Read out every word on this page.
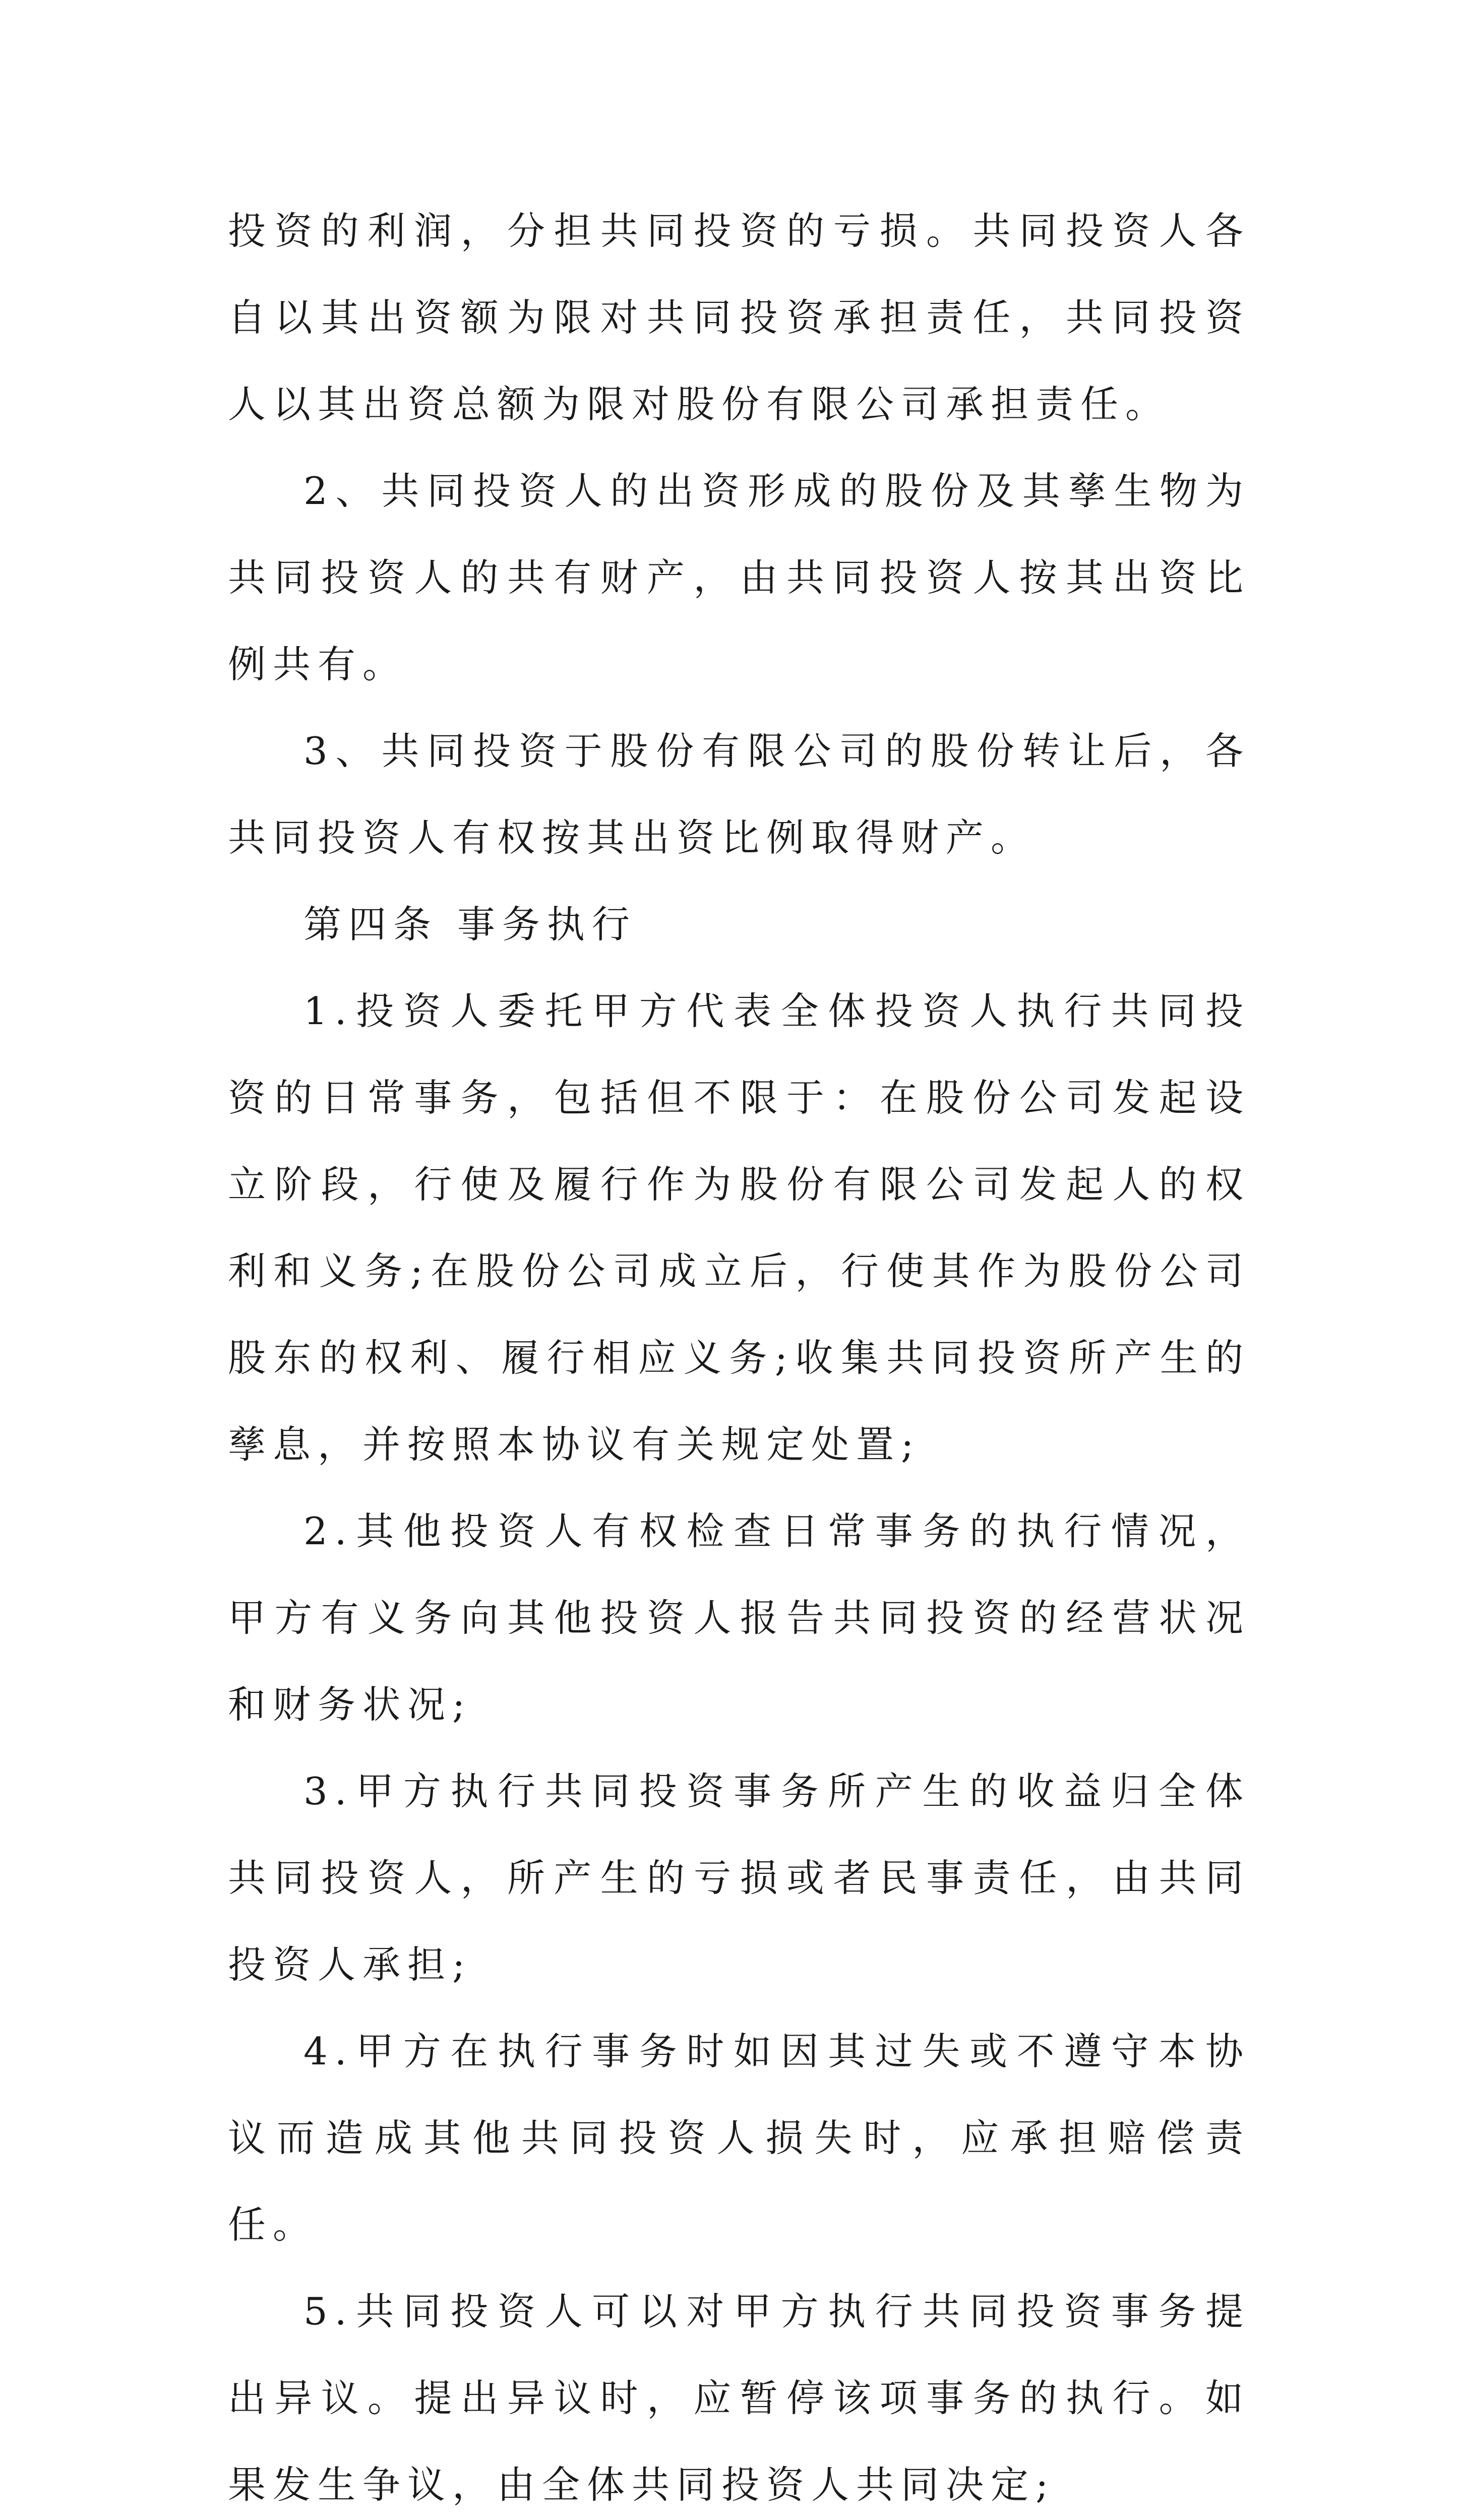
投资的利润，分担共同投资的亏损。共同投资人各自以其出资额为限对共同投资承担责任，共同投资人以其出资总额为限对股份有限公司承担责任。

2、共同投资人的出资形成的股份及其孳生物为共同投资人的共有财产，由共同投资人按其出资比例共有。

3、共同投资于股份有限公司的股份转让后，各共同投资人有权按其出资比例取得财产。

第四条 事务执行

1.投资人委托甲方代表全体投资人执行共同投资的日常事务，包括但不限于：在股份公司发起设立阶段，行使及履行作为股份有限公司发起人的权利和义务;在股份公司成立后，行使其作为股份公司股东的权利、履行相应义务;收集共同投资所产生的孳息，并按照本协议有关规定处置;

2.其他投资人有权检查日常事务的执行情况，甲方有义务向其他投资人报告共同投资的经营状况和财务状况;

3.甲方执行共同投资事务所产生的收益归全体共同投资人，所产生的亏损或者民事责任，由共同投资人承担;

4.甲方在执行事务时如因其过失或不遵守本协议而造成其他共同投资人损失时，应承担赔偿责任。

5.共同投资人可以对甲方执行共同投资事务提出异议。提出异议时，应暂停该项事务的执行。如果发生争议，由全体共同投资人共同决定;
